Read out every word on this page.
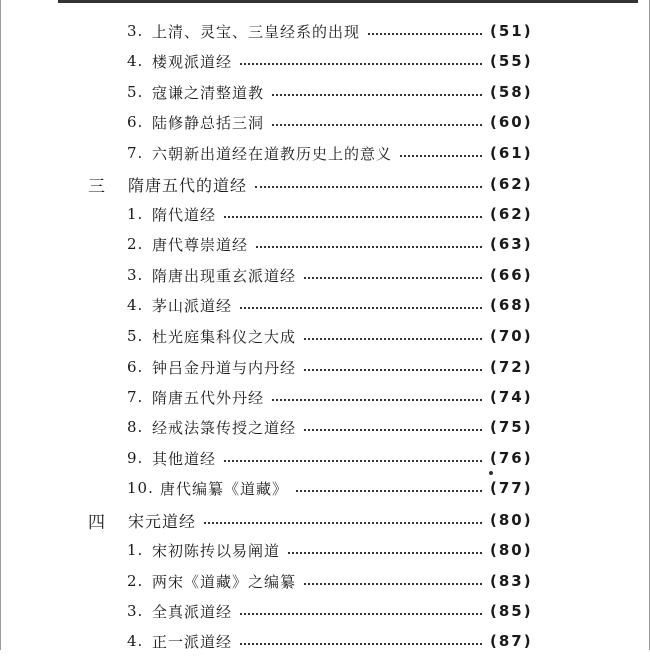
3. 上清、灵宝、三皇经系的出现	(51)
4. 楼观派道经	(55)
5. 寇谦之清整道教	(58)
6. 陆修静总括三洞	(60)
7. 六朝新出道经在道教历史上的意义	(61)
三 隋唐五代的道经	(62)
1. 隋代道经	(62)
2. 唐代尊崇道经	(63)
3. 隋唐出现重玄派道经	(66)
4. 茅山派道经	(68)
5. 杜光庭集科仪之大成	(70)
6. 钟吕金丹道与内丹经	(72)
7. 隋唐五代外丹经	(74)
8. 经戒法箓传授之道经	(75)
9. 其他道经	(76)
10. 唐代编纂《道藏》	(77)
四 宋元道经	(80)
1. 宋初陈抟以易阐道	(80)
2. 两宋《道藏》之编纂	(83)
3. 全真派道经	(85)
4. 正一派道经	(87)
